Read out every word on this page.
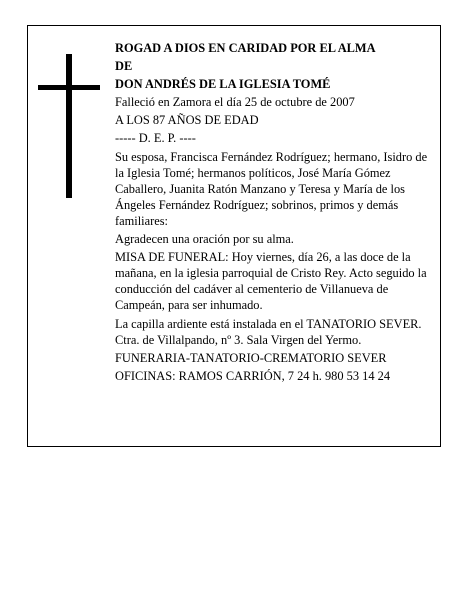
ROGAD A DIOS EN CARIDAD POR EL ALMA

DE

DON ANDRÉS DE LA IGLESIA TOMÉ

Falleció en Zamora el día 25 de octubre de 2007

A LOS 87 AÑOS DE EDAD

----- D. E. P. ----

Su esposa, Francisca Fernández Rodríguez; hermano, Isidro de la Iglesia Tomé; hermanos políticos, José María Gómez Caballero, Juanita Ratón Manzano y Teresa y María de los Ángeles Fernández Rodríguez; sobrinos, primos y demás familiares:

Agradecen una oración por su alma.

MISA DE FUNERAL: Hoy viernes, día 26, a las doce de la mañana, en la iglesia parroquial de Cristo Rey. Acto seguido la conducción del cadáver al cementerio de Villanueva de Campeán, para ser inhumado.

La capilla ardiente está instalada en el TANATORIO SEVER. Ctra. de Villalpando, nº 3. Sala Virgen del Yermo.

FUNERARIA-TANATORIO-CREMATORIO SEVER

OFICINAS: RAMOS CARRIÓN, 7 24 h. 980 53 14 24
